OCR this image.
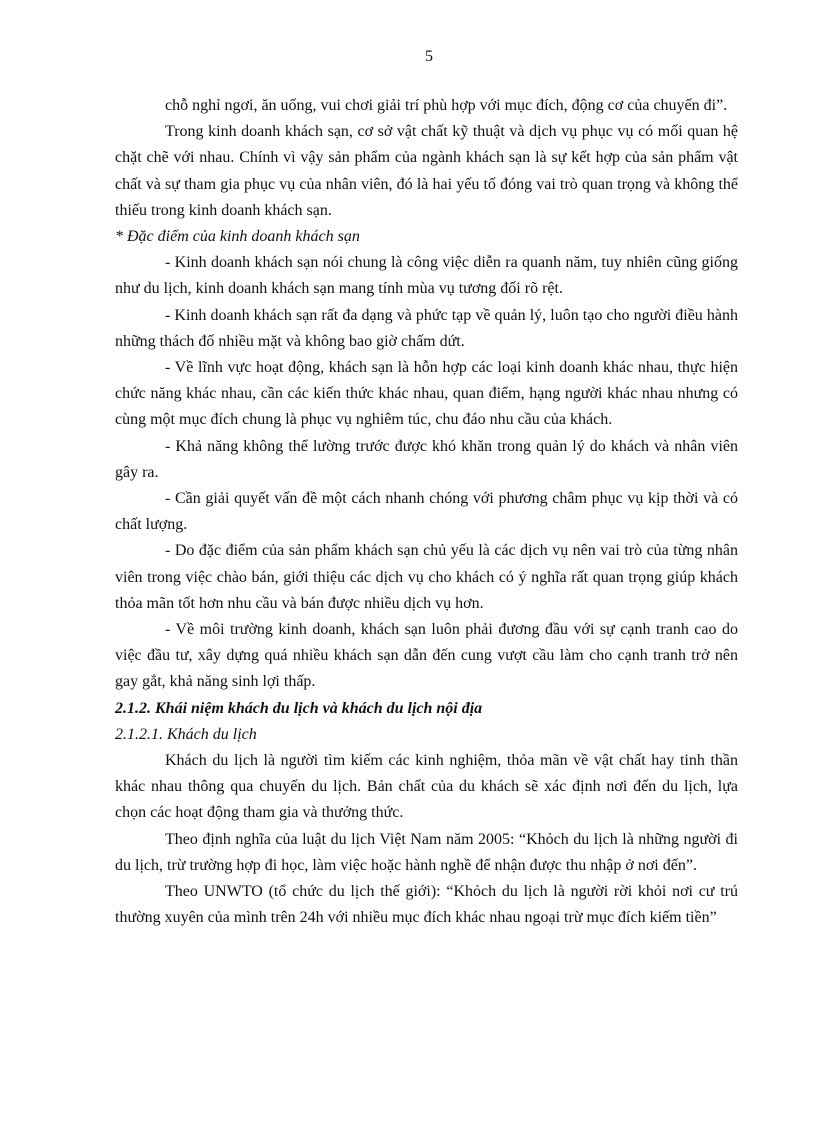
5

chỗ nghỉ ngơi, ăn uống, vui chơi giải trí phù hợp với mục đích, động cơ của chuyến đi”.

Trong kinh doanh khách sạn, cơ sở vật chất kỹ thuật và dịch vụ phục vụ có mối quan hệ chặt chẽ với nhau. Chính vì vậy sản phẩm của ngành khách sạn là sự kết hợp của sản phẩm vật chất và sự tham gia phục vụ của nhân viên, đó là hai yếu tố đóng vai trò quan trọng và không thể thiếu trong kinh doanh khách sạn.

* Đặc điểm của kinh doanh khách sạn

- Kinh doanh khách sạn nói chung là công việc diễn ra quanh năm, tuy nhiên cũng giống như du lịch, kinh doanh khách sạn mang tính mùa vụ tương đối rõ rệt.

- Kinh doanh khách sạn rất đa dạng và phức tạp về quản lý, luôn tạo cho người điều hành những thách đố nhiều mặt và không bao giờ chấm dứt.

- Về lĩnh vực hoạt động, khách sạn là hỗn hợp các loại kinh doanh khác nhau, thực hiện chức năng khác nhau, cần các kiến thức khác nhau, quan điểm, hạng người khác nhau nhưng có cùng một mục đích chung là phục vụ nghiêm túc, chu đáo nhu cầu của khách.

- Khả năng không thể lường trước được khó khăn trong quản lý do khách và nhân viên gây ra.

- Cần giải quyết vấn đề một cách nhanh chóng với phương châm phục vụ kịp thời và có chất lượng.

- Do đặc điểm của sản phẩm khách sạn chủ yếu là các dịch vụ nên vai trò của từng nhân viên trong việc chào bán, giới thiệu các dịch vụ cho khách có ý nghĩa rất quan trọng giúp khách thỏa mãn tốt hơn nhu cầu và bán được nhiều dịch vụ hơn.

- Về môi trường kinh doanh, khách sạn luôn phải đương đầu với sự cạnh tranh cao do việc đầu tư, xây dựng quá nhiều khách sạn dẫn đến cung vượt cầu làm cho cạnh tranh trở nên gay gắt, khả năng sinh lợi thấp.

2.1.2. Khái niệm khách du lịch và khách du lịch nội địa

2.1.2.1. Khách du lịch

Khách du lịch là người tìm kiếm các kinh nghiệm, thỏa mãn về vật chất hay tinh thần khác nhau thông qua chuyến du lịch. Bản chất của du khách sẽ xác định nơi đến du lịch, lựa chọn các hoạt động tham gia và thưởng thức.

Theo định nghĩa của luật du lịch Việt Nam năm 2005: “Khỏch du lịch là những người đi du lịch, trừ trường hợp đi học, làm việc hoặc hành nghề để nhận được thu nhập ở nơi đến”.

Theo UNWTO (tổ chức du lịch thế giới): “Khỏch du lịch là người rời khỏi nơi cư trú thường xuyên của mình trên 24h với nhiều mục đích khác nhau ngoại trừ mục đích kiếm tiền”
